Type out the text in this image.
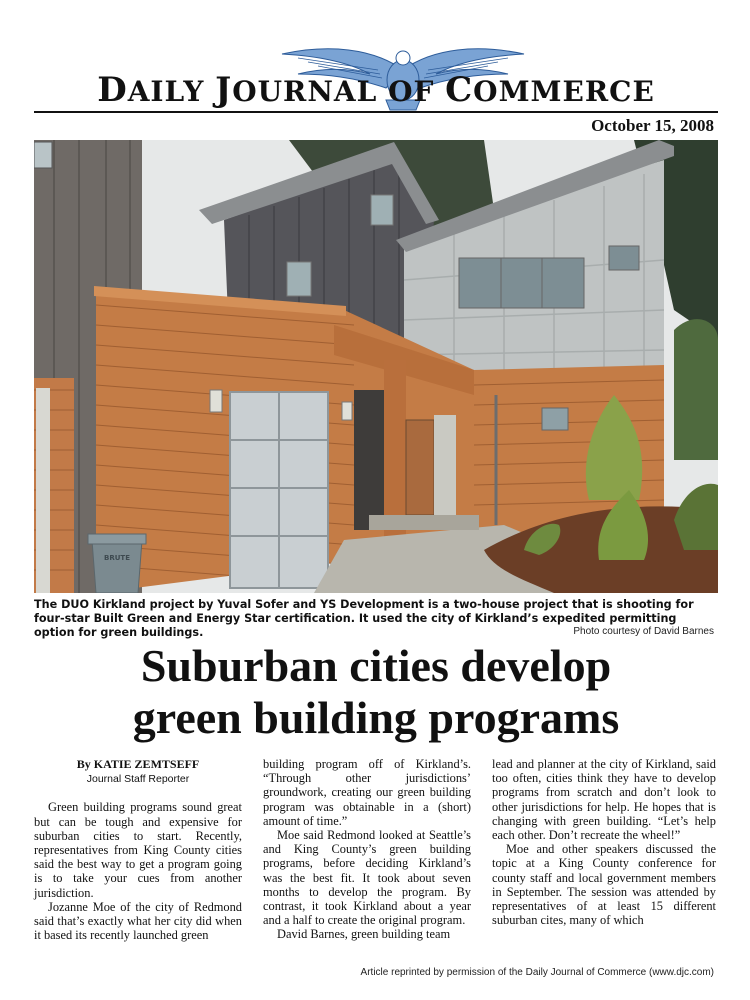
DAILY JOURNAL OF COMMERCE
October 15, 2008
BRUTE
The DUO Kirkland project by Yuval Sofer and YS Development is a two-house project that is shooting for four-star Built Green and Energy Star certification. It used the city of Kirkland’s expedited permitting option for green buildings.	Photo courtesy of David Barnes
Suburban cities develop
green building programs
By KATIE ZEMTSEFF
Journal Staff Reporter

Green building programs sound great but can be tough and expensive for suburban cities to start. Recently, representatives from King County cities said the best way to get a program going is to take your cues from another jurisdiction.

Jozanne Moe of the city of Redmond said that’s exactly what her city did when it based its recently launched green

building program off of Kirkland’s. “Through other jurisdictions’ groundwork, creating our green building program was obtainable in a (short) amount of time.”

Moe said Redmond looked at Seattle’s and King County’s green building programs, before deciding Kirkland’s was the best fit. It took about seven months to develop the program. By contrast, it took Kirkland about a year and a half to create the original program.

David Barnes, green building team

lead and planner at the city of Kirkland, said too often, cities think they have to develop programs from scratch and don’t look to other jurisdictions for help. He hopes that is changing with green building. “Let’s help each other. Don’t recreate the wheel!”

Moe and other speakers discussed the topic at a King County conference for county staff and local government members in September. The session was attended by representatives of at least 15 different suburban cites, many of which

Article reprinted by permission of the Daily Journal of Commerce (www.djc.com)
